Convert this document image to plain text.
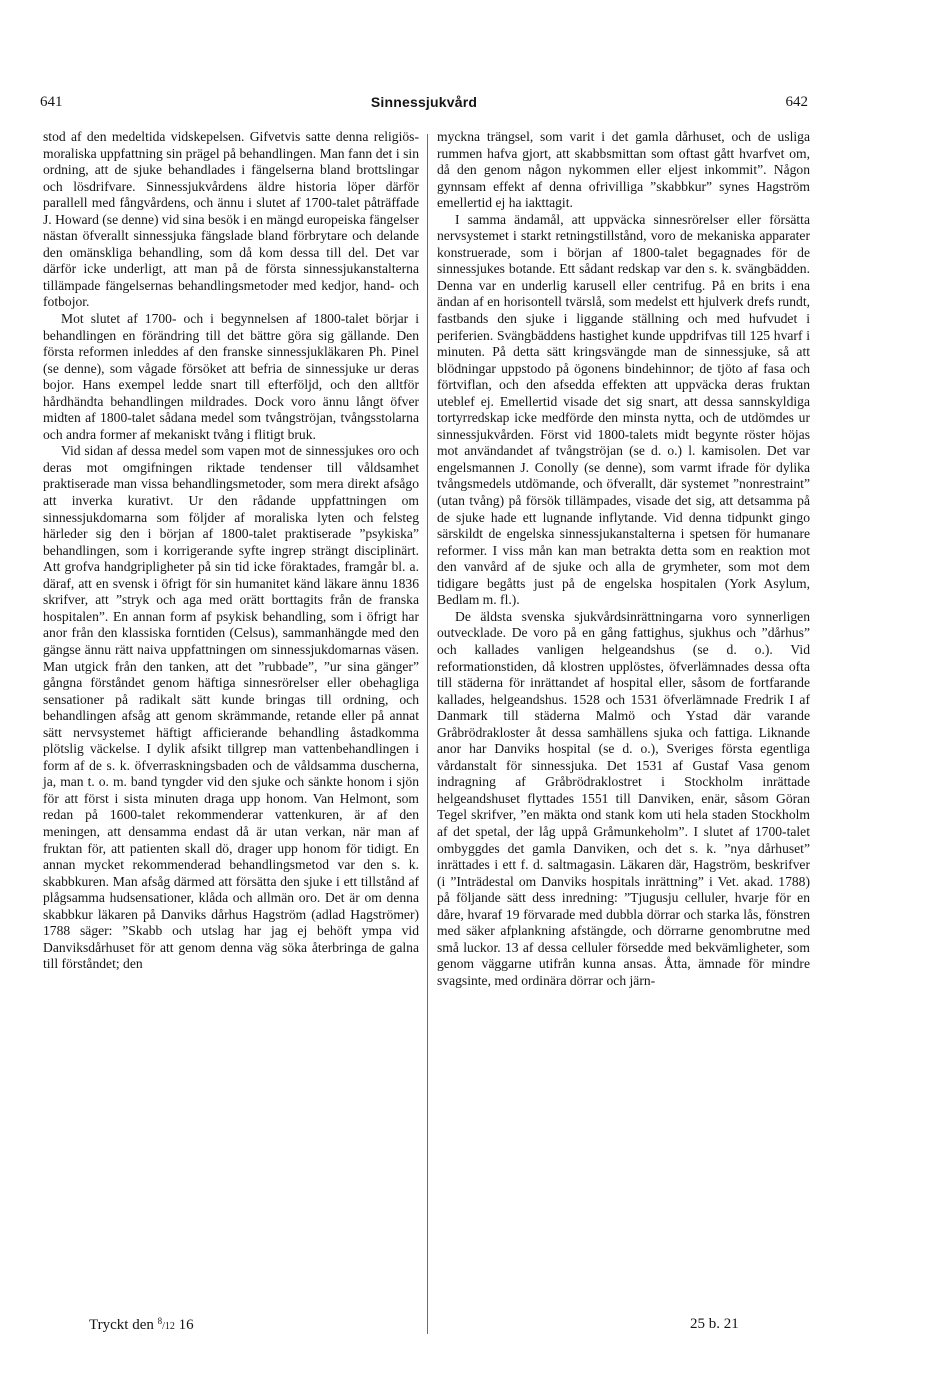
641	Sinnessjukvård	642

stod af den medeltida vidskepelsen. Gifvetvis satte denna religiös-moraliska uppfattning sin prägel på behandlingen. Man fann det i sin ordning, att de sjuke behandlades i fängelserna bland brottslingar och lösdrifvare. Sinnessjukvårdens äldre historia löper därför parallell med fångvårdens, och ännu i slutet af 1700-talet påträffade J. Howard (se denne) vid sina besök i en mängd europeiska fängelser nästan öfverallt sinnessjuka fängslade bland förbrytare och delande den omänskliga behandling, som då kom dessa till del. Det var därför icke underligt, att man på de första sinnessjukanstalterna tillämpade fängelsernas behandlingsmetoder med kedjor, hand- och fotbojor.

Mot slutet af 1700- och i begynnelsen af 1800-talet börjar i behandlingen en förändring till det bättre göra sig gällande. Den första reformen inleddes af den franske sinnessjukläkaren Ph. Pinel (se denne), som vågade försöket att befria de sinnessjuke ur deras bojor. Hans exempel ledde snart till efterföljd, och den alltför hårdhändta behandlingen mildrades. Dock voro ännu långt öfver midten af 1800-talet sådana medel som tvångströjan, tvångsstolarna och andra former af mekaniskt tvång i flitigt bruk.

Vid sidan af dessa medel som vapen mot de sinnessjukes oro och deras mot omgifningen riktade tendenser till våldsamhet praktiserade man vissa behandlingsmetoder, som mera direkt afsågo att inverka kurativt. Ur den rådande uppfattningen om sinnessjukdomarna som följder af moraliska lyten och felsteg härleder sig den i början af 1800-talet praktiserade ”psykiska” behandlingen, som i korrigerande syfte ingrep strängt disciplinärt. Att grofva handgripligheter på sin tid icke föraktades, framgår bl. a. däraf, att en svensk i öfrigt för sin humanitet känd läkare ännu 1836 skrifver, att ”stryk och aga med orätt borttagits från de franska hospitalen”. En annan form af psykisk behandling, som i öfrigt har anor från den klassiska forntiden (Celsus), sammanhängde med den gängse ännu rätt naiva uppfattningen om sinnessjukdomarnas väsen. Man utgick från den tanken, att det ”rubbade”, ”ur sina gänger” gångna förståndet genom häftiga sinnesrörelser eller obehagliga sensationer på radikalt sätt kunde bringas till ordning, och behandlingen afsåg att genom skrämmande, retande eller på annat sätt nervsystemet häftigt afficierande behandling åstadkomma plötslig väckelse. I dylik afsikt tillgrep man vattenbehandlingen i form af de s. k. öfverraskningsbaden och de våldsamma duscherna, ja, man t. o. m. band tyngder vid den sjuke och sänkte honom i sjön för att först i sista minuten draga upp honom. Van Helmont, som redan på 1600-talet rekommenderar vattenkuren, är af den meningen, att densamma endast då är utan verkan, när man af fruktan för, att patienten skall dö, drager upp honom för tidigt. En annan mycket rekommenderad behandlingsmetod var den s. k. skabbkuren. Man afsåg därmed att försätta den sjuke i ett tillstånd af plågsamma hudsensationer, klåda och allmän oro. Det är om denna skabbkur läkaren på Danviks dårhus Hagström (adlad Hagströmer) 1788 säger: ”Skabb och utslag har jag ej behöft ympa vid Danviksdårhuset för att genom denna väg söka återbringa de galna till förståndet; den

myckna trängsel, som varit i det gamla dårhuset, och de usliga rummen hafva gjort, att skabbsmittan som oftast gått hvarfvet om, då den genom någon nykommen eller eljest inkommit”. Någon gynnsam effekt af denna ofrivilliga ”skabbkur” synes Hagström emellertid ej ha iakttagit.

I samma ändamål, att uppväcka sinnesrörelser eller försätta nervsystemet i starkt retningstillstånd, voro de mekaniska apparater konstruerade, som i början af 1800-talet begagnades för de sinnessjukes botande. Ett sådant redskap var den s. k. svängbädden. Denna var en underlig karusell eller centrifug. På en brits i ena ändan af en horisontell tvärslå, som medelst ett hjulverk drefs rundt, fastbands den sjuke i liggande ställning och med hufvudet i periferien. Svängbäddens hastighet kunde uppdrifvas till 125 hvarf i minuten. På detta sätt kringsvängde man de sinnessjuke, så att blödningar uppstodo på ögonens bindehinnor; de tjöto af fasa och förtviflan, och den afsedda effekten att uppväcka deras fruktan uteblef ej. Emellertid visade det sig snart, att dessa sannskyldiga tortyrredskap icke medförde den minsta nytta, och de utdömdes ur sinnessjukvården. Först vid 1800-talets midt begynte röster höjas mot användandet af tvångströjan (se d. o.) l. kamisolen. Det var engelsmannen J. Conolly (se denne), som varmt ifrade för dylika tvångsmedels utdömande, och öfverallt, där systemet ”nonrestraint” (utan tvång) på försök tillämpades, visade det sig, att detsamma på de sjuke hade ett lugnande inflytande. Vid denna tidpunkt gingo särskildt de engelska sinnessjukanstalterna i spetsen för humanare reformer. I viss mån kan man betrakta detta som en reaktion mot den vanvård af de sjuke och alla de grymheter, som mot dem tidigare begåtts just på de engelska hospitalen (York Asylum, Bedlam m. fl.).

De äldsta svenska sjukvårdsinrättningarna voro synnerligen outvecklade. De voro på en gång fattighus, sjukhus och ”dårhus” och kallades vanligen helgeandshus (se d. o.). Vid reformationstiden, då klostren upplöstes, öfverlämnades dessa ofta till städerna för inrättandet af hospital eller, såsom de fortfarande kallades, helgeandshus. 1528 och 1531 öfverlämnade Fredrik I af Danmark till städerna Malmö och Ystad där varande Gråbrödrakloster åt dessa samhällens sjuka och fattiga. Liknande anor har Danviks hospital (se d. o.), Sveriges första egentliga vårdanstalt för sinnessjuka. Det 1531 af Gustaf Vasa genom indragning af Gråbrödraklostret i Stockholm inrättade helgeandshuset flyttades 1551 till Danviken, enär, såsom Göran Tegel skrifver, ”en mäkta ond stank kom uti hela staden Stockholm af det spetal, der låg uppå Gråmunkeholm”. I slutet af 1700-talet ombyggdes det gamla Danviken, och det s. k. ”nya dårhuset” inrättades i ett f. d. saltmagasin. Läkaren där, Hagström, beskrifver (i ”Inträdestal om Danviks hospitals inrättning” i Vet. akad. 1788) på följande sätt dess inredning: ”Tjugusju celluler, hvarje för en dåre, hvaraf 19 förvarade med dubbla dörrar och starka lås, fönstren med säker afplankning afstängde, och dörrarne genombrutne med små luckor. 13 af dessa celluler försedde med bekvämligheter, som genom väggarne utifrån kunna ansas. Åtta, ämnade för mindre svagsinte, med ordinära dörrar och järn-

Tryckt den $^8$/12 16	25 b. 21
